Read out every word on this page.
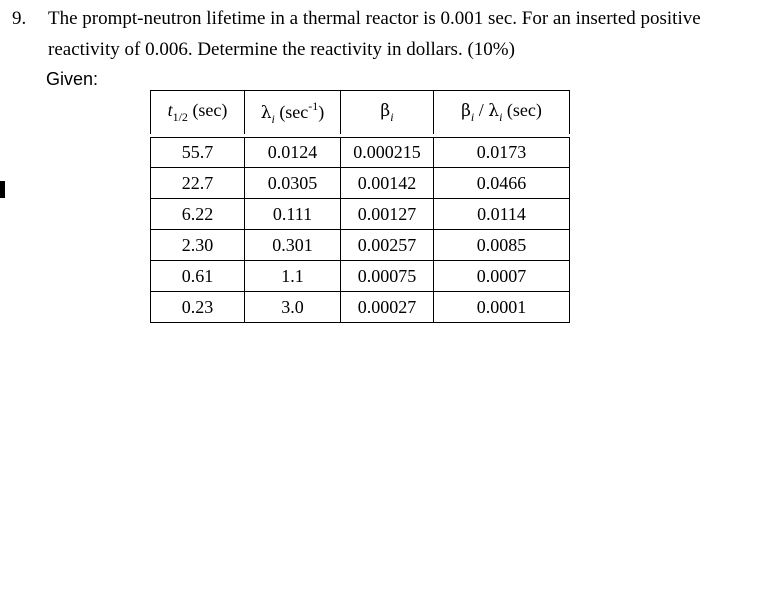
9. The prompt-neutron lifetime in a thermal reactor is 0.001 sec. For an inserted positive
reactivity of 0.006. Determine the reactivity in dollars. (10%)
Given:
$t_{1/2}$ (sec)	$\lambda_i$ $(\sec^{-1})$	$\beta_i$	$\beta_i / \lambda_i$ (sec)
55.7	0.0124	0.000215	0.0173
22.7	0.0305	0.00142	0.0466
6.22	0.111	0.00127	0.0114
2.30	0.301	0.00257	0.0085
0.61	1.1	0.00075	0.0007
0.23	3.0	0.00027	0.0001
